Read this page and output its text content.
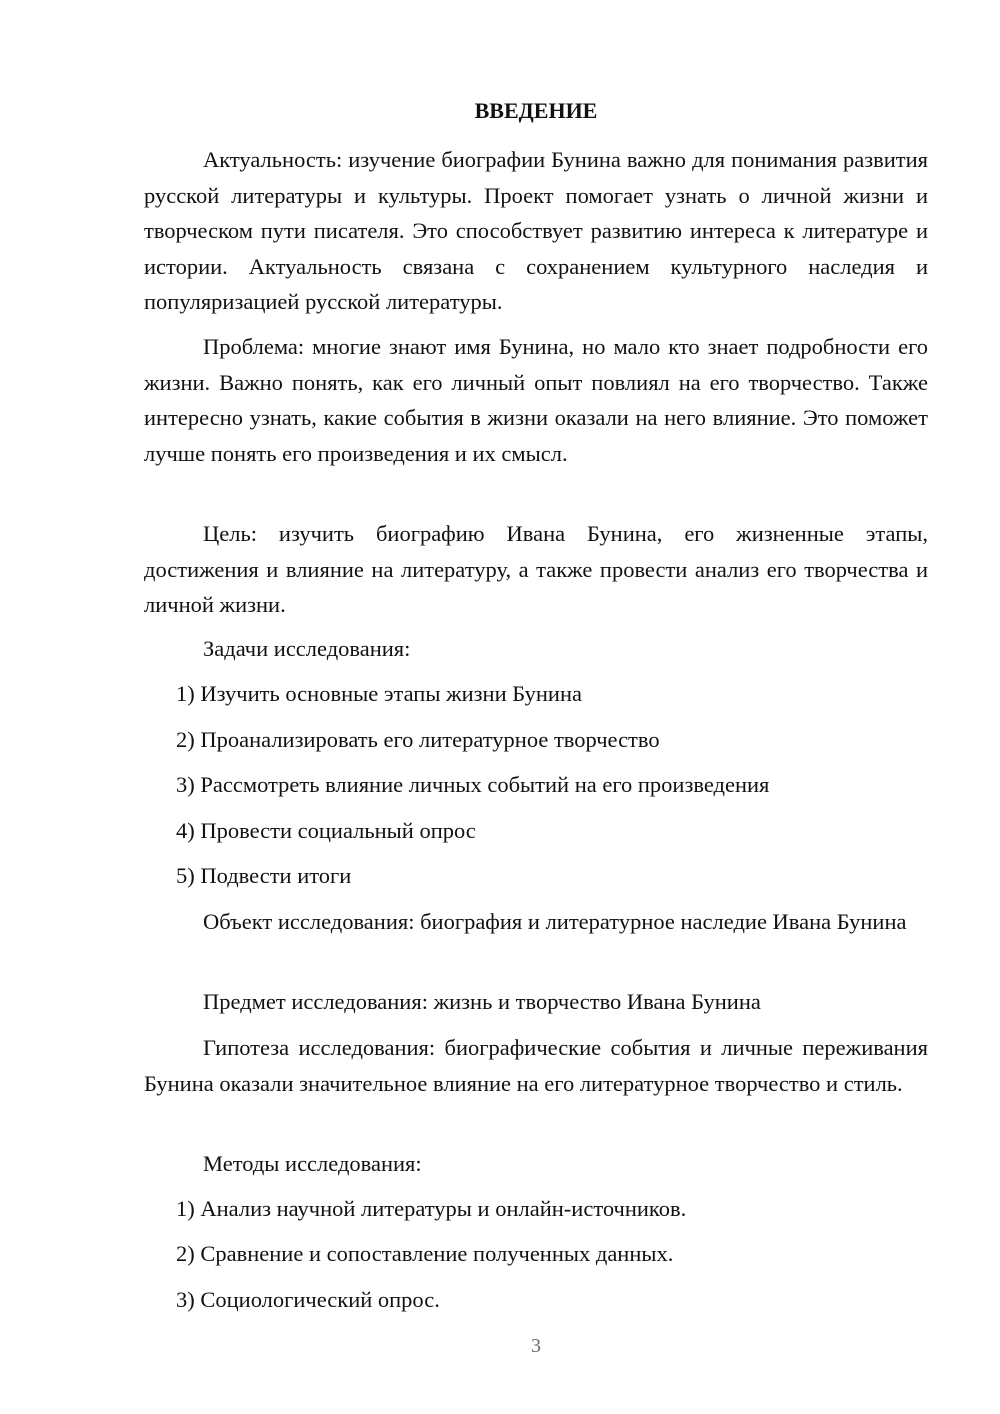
ВВЕДЕНИЕ

Актуальность: изучение биографии Бунина важно для понимания развития русской литературы и культуры. Проект помогает узнать о личной жизни и творческом пути писателя. Это способствует развитию интереса к литературе и истории. Актуальность связана с сохранением культурного наследия и популяризацией русской литературы.

Проблема: многие знают имя Бунина, но мало кто знает подробности его жизни. Важно понять, как его личный опыт повлиял на его творчество. Также интересно узнать, какие события в жизни оказали на него влияние. Это поможет лучше понять его произведения и их смысл.

Цель: изучить биографию Ивана Бунина, его жизненные этапы, достижения и влияние на литературу, а также провести анализ его творчества и личной жизни.

Задачи исследования:

1) Изучить основные этапы жизни Бунина

2) Проанализировать его литературное творчество

3) Рассмотреть влияние личных событий на его произведения

4) Провести социальный опрос

5) Подвести итоги

Объект исследования: биография и литературное наследие Ивана Бунина

Предмет исследования: жизнь и творчество Ивана Бунина

Гипотеза исследования: биографические события и личные переживания Бунина оказали значительное влияние на его литературное творчество и стиль.

Методы исследования:

1) Анализ научной литературы и онлайн-источников.

2) Сравнение и сопоставление полученных данных.

3) Социологический опрос.

3
